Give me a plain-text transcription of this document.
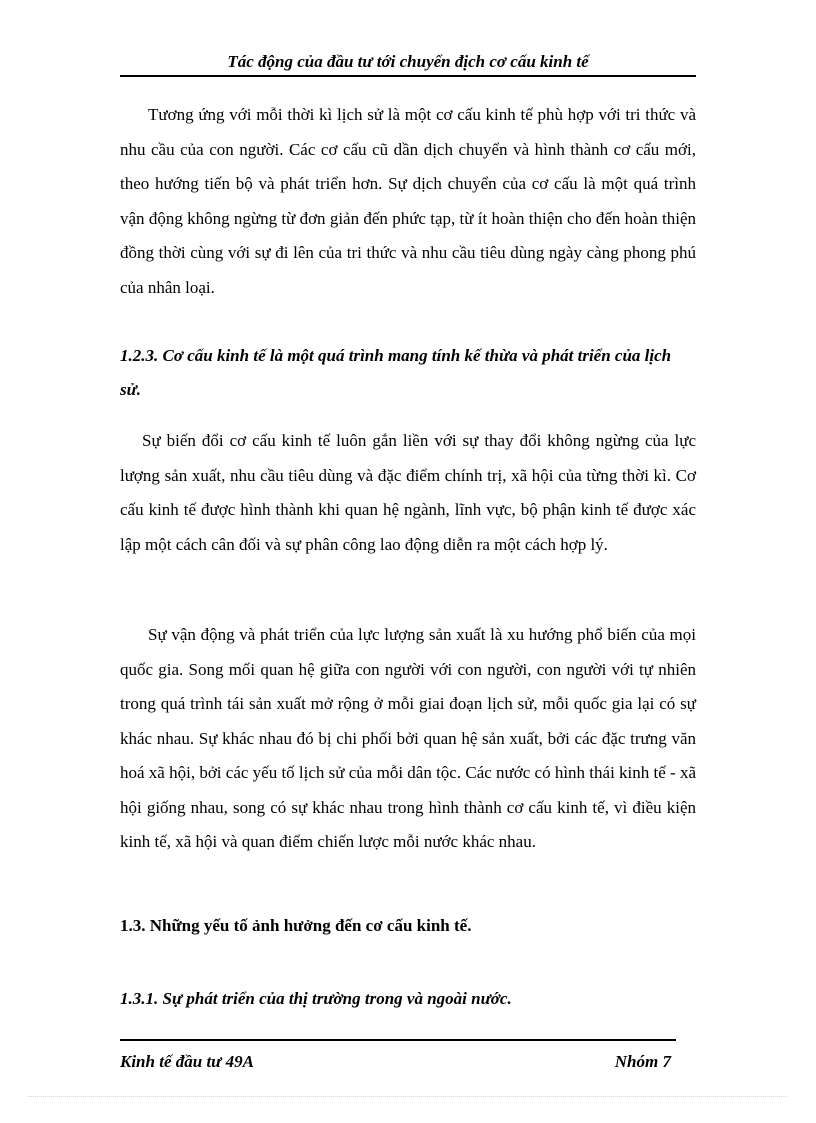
Tác động của đầu tư tới chuyển địch cơ cấu kinh tế

Tương ứng với mỗi thời kì lịch sử là một cơ cấu kinh tế phù hợp với tri thức và nhu cầu của con người. Các cơ cấu cũ dần dịch chuyển và hình thành cơ cấu mới, theo hướng tiến bộ và phát triển hơn. Sự dịch chuyển của cơ cấu là một quá trình vận động không ngừng từ đơn giản đến phức tạp, từ ít hoàn thiện cho đến hoàn thiện đồng thời cùng với sự đi lên của tri thức và nhu cầu tiêu dùng ngày càng phong phú của nhân loại.

1.2.3. Cơ cấu kinh tế là một quá trình mang tính kế thừa và phát triển của lịch sử.

Sự biến đổi cơ cấu kinh tế luôn gắn liền với sự thay đổi không ngừng của lực lượng sản xuất, nhu cầu tiêu dùng và đặc điểm chính trị, xã hội của từng thời kì. Cơ cấu kinh tế được hình thành khi quan hệ ngành, lĩnh vực, bộ phận kinh tế được xác lập một cách cân đối và sự phân công lao động diễn ra một cách hợp lý.

Sự vận động và phát triển của lực lượng sản xuất là xu hướng phổ biến của mọi quốc gia. Song mối quan hệ giữa con người với con người, con người với tự nhiên trong quá trình tái sản xuất mở rộng ở mỗi giai đoạn lịch sử, mỗi quốc gia lại có sự khác nhau. Sự khác nhau đó bị chi phối bởi quan hệ sản xuất, bởi các đặc trưng văn hoá xã hội, bởi các yếu tố lịch sử của mỗi dân tộc. Các nước có hình thái kinh tế - xã hội giống nhau, song có sự khác nhau trong hình thành cơ cấu kinh tế, vì điều kiện kinh tế, xã hội và quan điểm chiến lược mỗi nước khác nhau.

1.3. Những yếu tố ảnh hưởng đến cơ cấu kinh tế.

1.3.1. Sự phát triển của thị trường trong và ngoài nước.

Kinh tế đầu tư 49A	Nhóm 7
